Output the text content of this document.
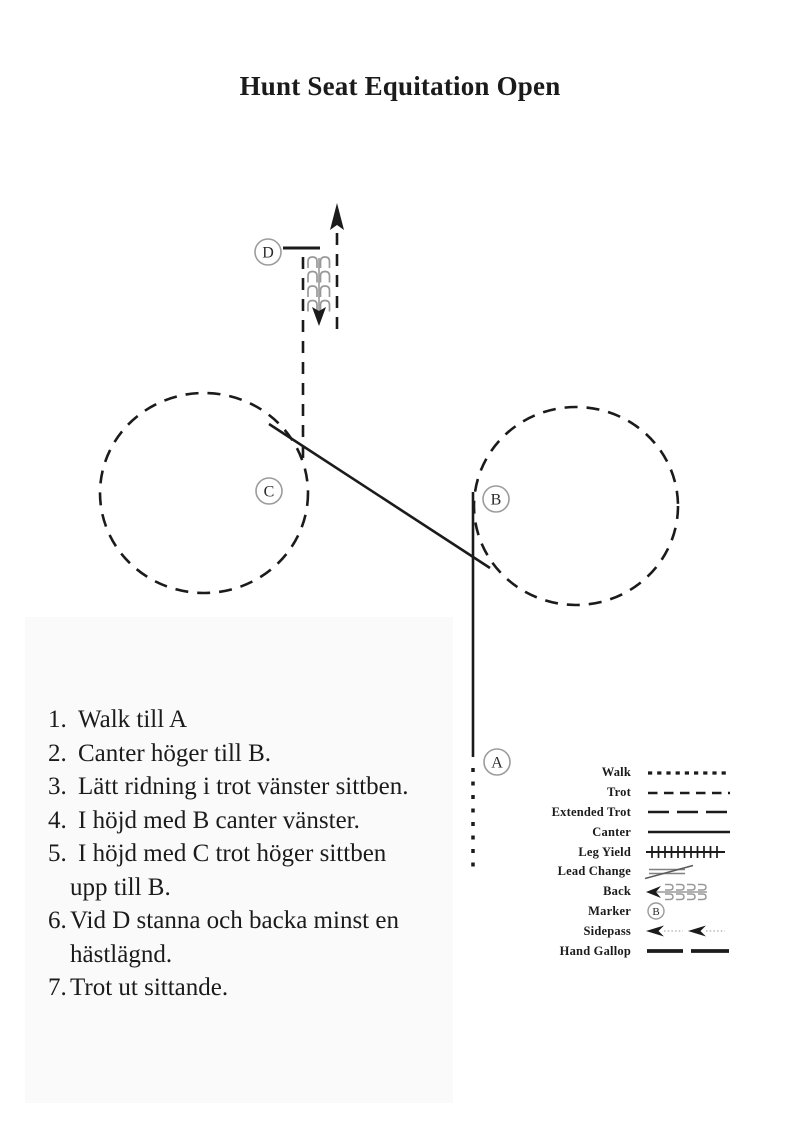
Hunt Seat Equitation Open
D
C	B
A
1. Walk till A
2. Canter höger till B.
3. Lätt ridning i trot vänster sittben.
4. I höjd med B canter vänster.
5. I höjd med C trot höger sittben
upp till B.
6. Vid D stanna och backa minst en
hästlägnd.
7. Trot ut sittande.
Walk
Trot
Extended Trot
Canter
Leg Yield
Lead Change
Back
Marker B
Sidepass
Hand Gallop
